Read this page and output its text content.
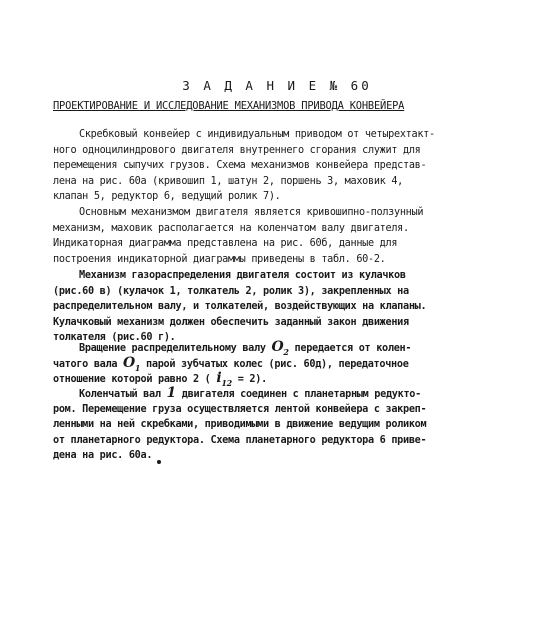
З А Д А Н И Е № 60
ПРОЕКТИРОВАНИЕ И ИССЛЕДОВАНИЕ МЕХАНИЗМОВ ПРИВОДА КОНВЕЙЕРА
Скребковый конвейер с индивидуальным приводом от четырехтакт-
ного одноцилиндрового двигателя внутреннего сгорания служит для
перемещения сыпучих грузов. Схема механизмов конвейера представ-
лена на рис. 60а (кривошип 1, шатун 2, поршень 3, маховик 4,
клапан 5, редуктор 6, ведущий ролик 7).
Основным механизмом двигателя является кривошипно-ползунный
механизм, маховик располагается на коленчатом валу двигателя.
Индикаторная диаграмма представлена на рис. 60б, данные для
построения индикаторной диаграммы приведены в табл. 60-2.
Механизм газораспределения двигателя состоит из кулачков
(рис.60 в) (кулачок 1, толкатель 2, ролик 3), закрепленных на
распределительном валу, и толкателей, воздействующих на клапаны.
Кулачковый механизм должен обеспечить заданный закон движения
толкателя (рис.60 г).
Вращение распределительному валу $O_2$ передается от колен-
чатого вала $O_1$ парой зубчатых колес (рис. 60д), передаточное
отношение которой равно 2 ( $i_{12} = 2$).
Коленчатый вал 1 двигателя соединен с планетарным редукто-
ром. Перемещение груза осуществляется лентой конвейера с закреп-
ленными на ней скребками, приводимыми в движение ведущим роликом
от планетарного редуктора. Схема планетарного редуктора 6 приве-
дена на рис. 60а.
